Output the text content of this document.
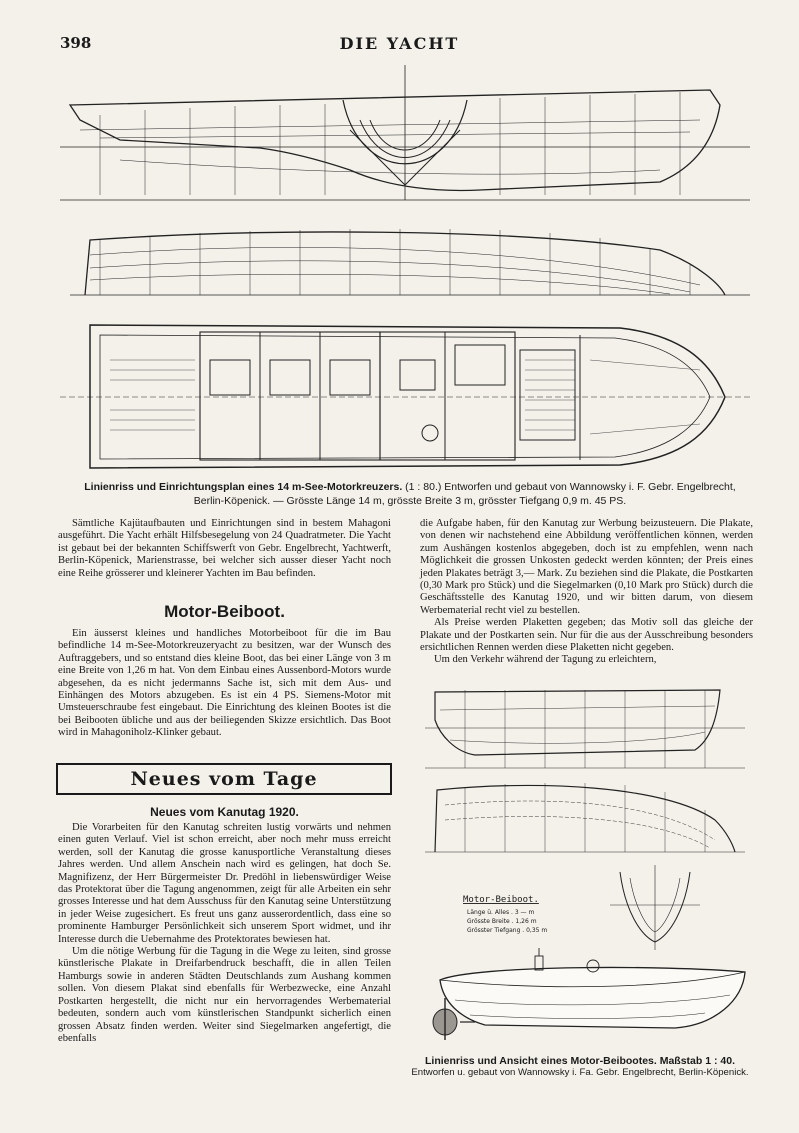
398	DIE YACHT
Linienriss und Einrichtungsplan eines 14 m-See-Motorkreuzers. (1 : 80.) Entworfen und gebaut von Wannowsky i. F. Gebr. Engelbrecht,
Berlin-Köpenick. — Grösste Länge 14 m, grösste Breite 3 m, grösster Tiefgang 0,9 m. 45 PS.

Sämtliche Kajütaufbauten und Einrichtungen sind in bestem Mahagoni ausgeführt. Die Yacht erhält Hilfsbesegelung von 24 Quadratmeter. Die Yacht ist gebaut bei der bekannten Schiffswerft von Gebr. Engelbrecht, Yachtwerft, Berlin-Köpenick, Marienstrasse, bei welcher sich ausser dieser Yacht noch eine Reihe grösserer und kleinerer Yachten im Bau befinden.

Motor-Beiboot.

Ein äusserst kleines und handliches Motorbeiboot für die im Bau befindliche 14 m-See-Motorkreuzeryacht zu besitzen, war der Wunsch des Auftraggebers, und so entstand dies kleine Boot, das bei einer Länge von 3 m eine Breite von 1,26 m hat. Von dem Einbau eines Aussenbord-Motors wurde abgesehen, da es nicht jedermanns Sache ist, sich mit dem Aus- und Einhängen des Motors abzugeben. Es ist ein 4 PS. Siemens-Motor mit Umsteuerschraube fest eingebaut. Die Einrichtung des kleinen Bootes ist die bei Beibooten übliche und aus der beiliegenden Skizze ersichtlich. Das Boot wird in Mahagoniholz-Klinker gebaut.

Neues vom Tage
Neues vom Kanutag 1920.

Die Vorarbeiten für den Kanutag schreiten lustig vorwärts und nehmen einen guten Verlauf. Viel ist schon erreicht, aber noch mehr muss erreicht werden, soll der Kanutag die grosse kanusportliche Veranstaltung dieses Jahres werden. Und allem Anschein nach wird es gelingen, hat doch Se. Magnifizenz, der Herr Bürgermeister Dr. Predöhl in liebenswürdiger Weise das Protektorat über die Tagung angenommen, zeigt für alle Arbeiten ein sehr grosses Interesse und hat dem Ausschuss für den Kanutag seine Unterstützung in jeder Weise zugesichert. Es freut uns ganz ausserordentlich, dass eine so prominente Hamburger Persönlichkeit sich unserem Sport widmet, und ihr Interesse durch die Uebernahme des Protektorates bewiesen hat.

Um die nötige Werbung für die Tagung in die Wege zu leiten, sind grosse künstlerische Plakate in Dreifarbendruck beschafft, die in allen Teilen Hamburgs sowie in anderen Städten Deutschlands zum Aushang kommen sollen. Von diesem Plakat sind ebenfalls für Werbezwecke, eine Anzahl Postkarten hergestellt, die nicht nur ein hervorragendes Werbematerial bedeuten, sondern auch vom künstlerischen Standpunkt sicherlich einen grossen Absatz finden werden. Weiter sind Siegelmarken angefertigt, die ebenfalls

die Aufgabe haben, für den Kanutag zur Werbung beizusteuern. Die Plakate, von denen wir nachstehend eine Abbildung veröffentlichen können, werden zum Aushängen kostenlos abgegeben, doch ist zu empfehlen, wenn nach Möglichkeit die grossen Unkosten gedeckt werden könnten; der Preis eines jeden Plakates beträgt 3,— Mark. Zu beziehen sind die Plakate, die Postkarten (0,30 Mark pro Stück) und die Siegelmarken (0,10 Mark pro Stück) durch die Geschäftsstelle des Kanutag 1920, und wir bitten darum, von diesem Werbematerial recht viel zu bestellen.

Als Preise werden Plaketten gegeben; das Motiv soll das gleiche der Plakate und der Postkarten sein. Nur für die aus der Ausschreibung besonders ersichtlichen Rennen werden diese Plaketten nicht gegeben.

Um den Verkehr während der Tagung zu erleichtern,

Motor-Beiboot.
Länge ü. Alles . 3 — m
Grösste Breite . 1,26 m
Grösster Tiefgang . 0,35 m
Linienriss und Ansicht eines Motor-Beibootes. Maßstab 1 : 40.
Entworfen u. gebaut von Wannowsky i. Fa. Gebr. Engelbrecht, Berlin-Köpenick.
